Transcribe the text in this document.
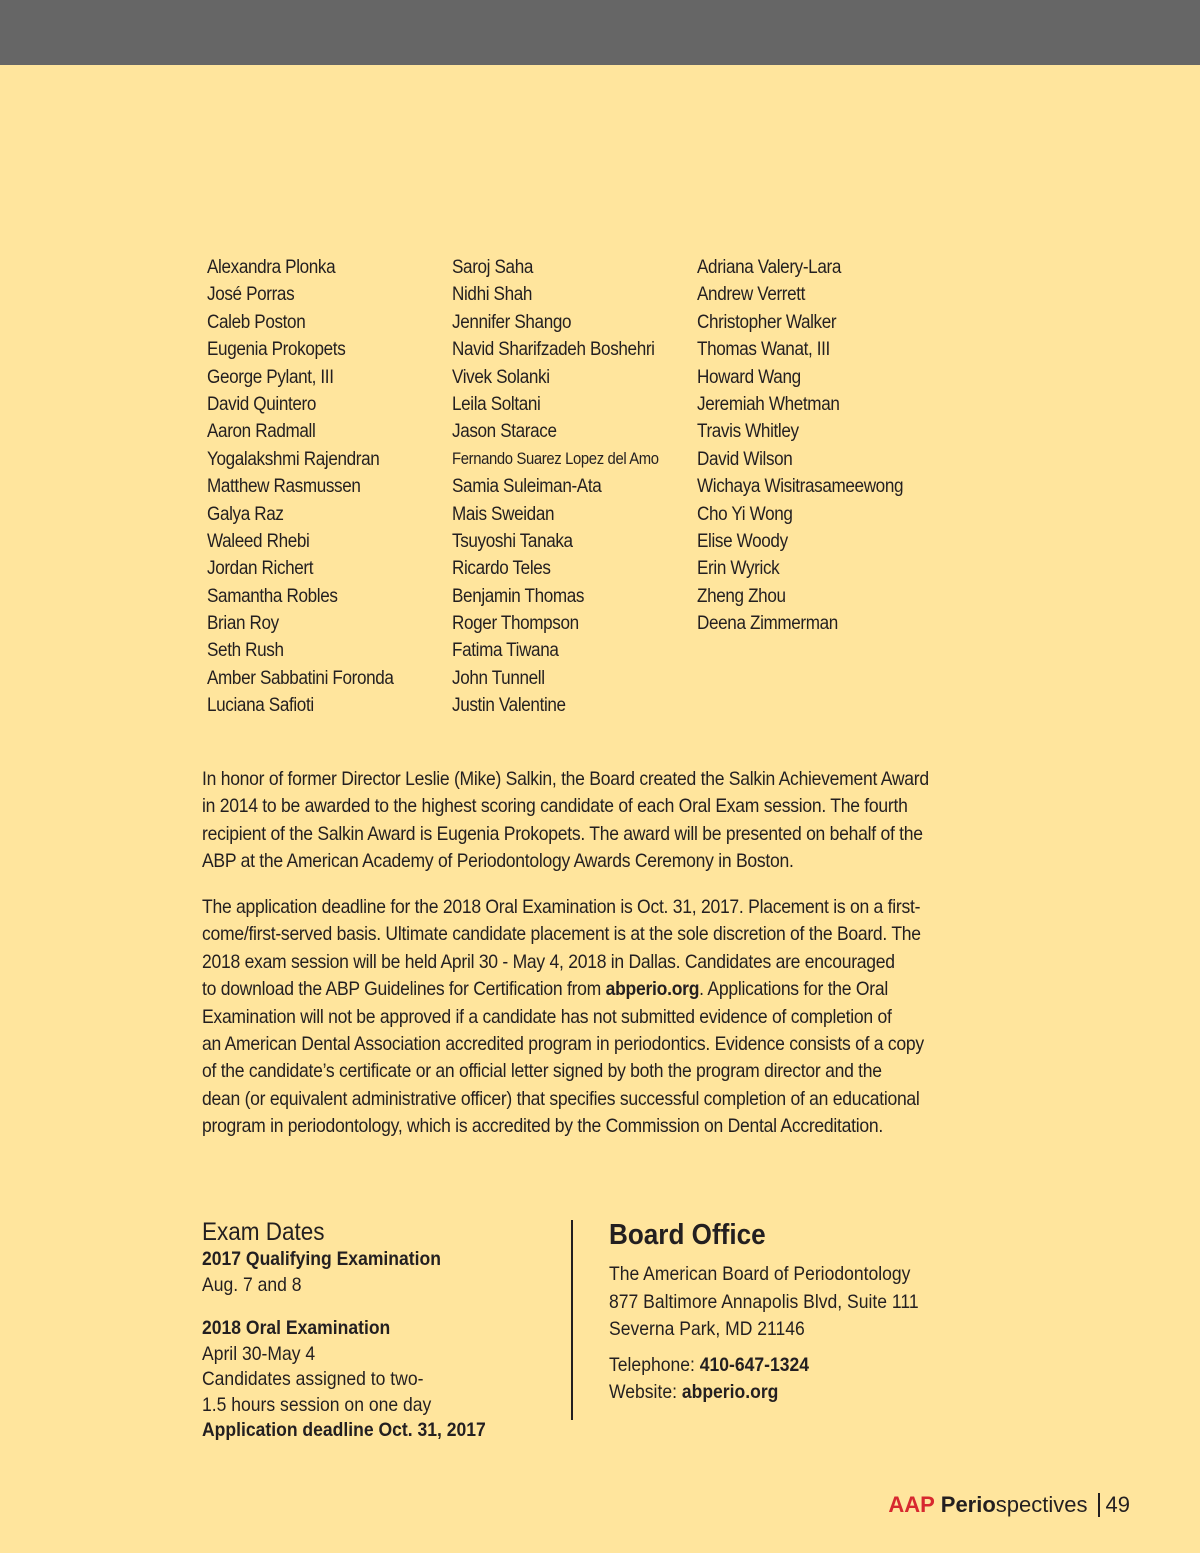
Alexandra Plonka
José Porras
Caleb Poston
Eugenia Prokopets
George Pylant, III
David Quintero
Aaron Radmall
Yogalakshmi Rajendran
Matthew Rasmussen
Galya Raz
Waleed Rhebi
Jordan Richert
Samantha Robles
Brian Roy
Seth Rush
Amber Sabbatini Foronda
Luciana Safioti
Saroj Saha
Nidhi Shah
Jennifer Shango
Navid Sharifzadeh Boshehri
Vivek Solanki
Leila Soltani
Jason Starace
Fernando Suarez Lopez del Amo
Samia Suleiman-Ata
Mais Sweidan
Tsuyoshi Tanaka
Ricardo Teles
Benjamin Thomas
Roger Thompson
Fatima Tiwana
John Tunnell
Justin Valentine
Adriana Valery-Lara
Andrew Verrett
Christopher Walker
Thomas Wanat, III
Howard Wang
Jeremiah Whetman
Travis Whitley
David Wilson
Wichaya Wisitrasameewong
Cho Yi Wong
Elise Woody
Erin Wyrick
Zheng Zhou
Deena Zimmerman
In honor of former Director Leslie (Mike) Salkin, the Board created the Salkin Achievement Award
in 2014 to be awarded to the highest scoring candidate of each Oral Exam session. The fourth
recipient of the Salkin Award is Eugenia Prokopets. The award will be presented on behalf of the
ABP at the American Academy of Periodontology Awards Ceremony in Boston.
The application deadline for the 2018 Oral Examination is Oct. 31, 2017. Placement is on a first-
come/first-served basis. Ultimate candidate placement is at the sole discretion of the Board. The
2018 exam session will be held April 30 - May 4, 2018 in Dallas. Candidates are encouraged
to download the ABP Guidelines for Certification from abperio.org. Applications for the Oral
Examination will not be approved if a candidate has not submitted evidence of completion of
an American Dental Association accredited program in periodontics. Evidence consists of a copy
of the candidate’s certificate or an official letter signed by both the program director and the
dean (or equivalent administrative officer) that specifies successful completion of an educational
program in periodontology, which is accredited by the Commission on Dental Accreditation.
Exam Dates
2017 Qualifying Examination
Aug. 7 and 8
2018 Oral Examination
April 30-May 4
Candidates assigned to two-
1.5 hours session on one day
Application deadline Oct. 31, 2017
Board Office
The American Board of Periodontology
877 Baltimore Annapolis Blvd, Suite 111
Severna Park, MD 21146
Telephone: 410-647-1324
Website: abperio.org
AAP Perio spectives 49
